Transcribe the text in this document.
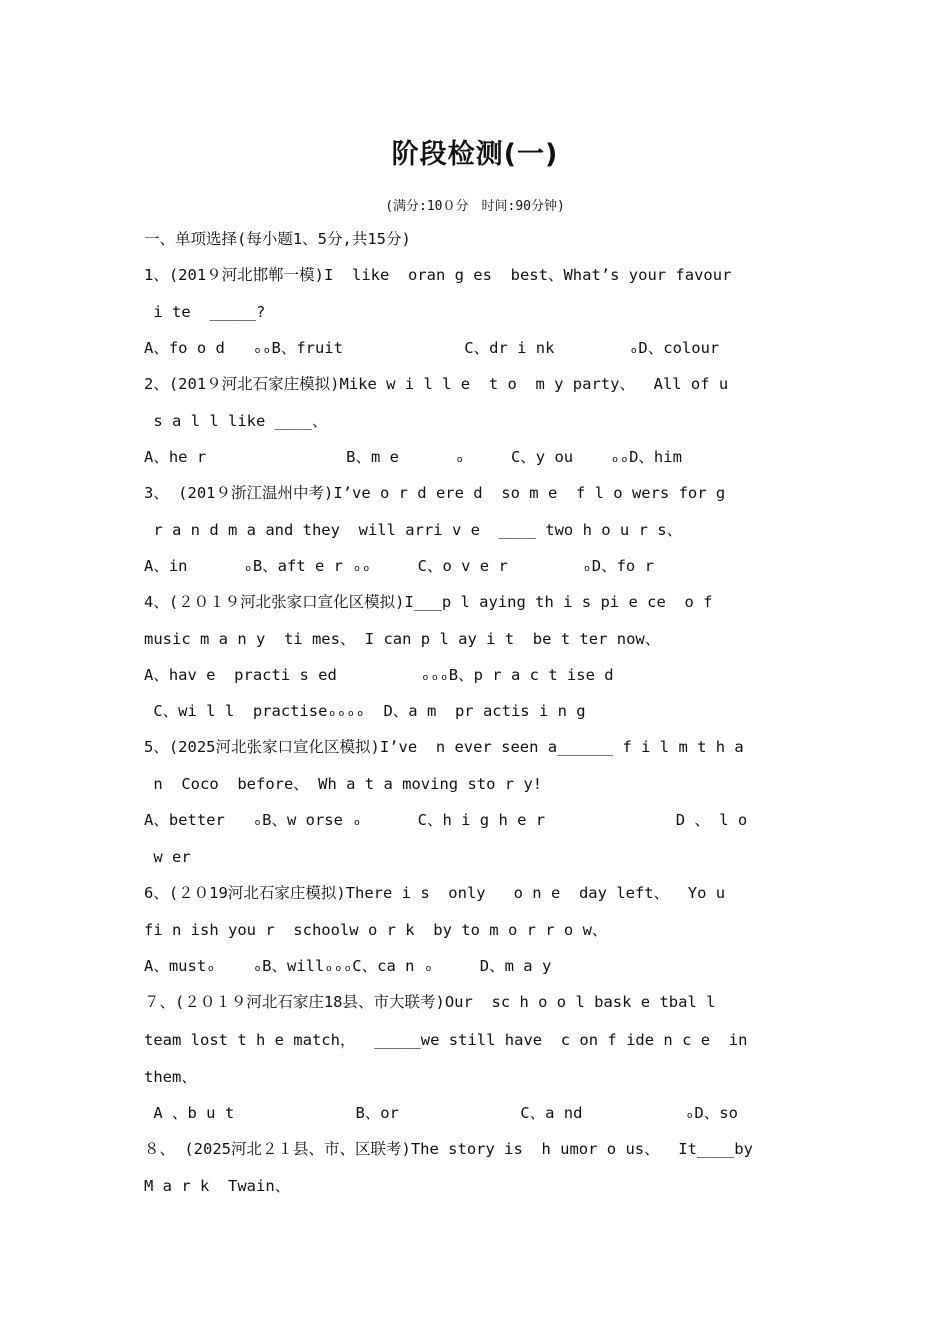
阶段检测(一)
(满分:10０分　时间:90分钟)
一、单项选择(每小题1、5分,共15分)
1、(201９河北邯郸一模)I  like  oran g es  best、What’s your favour
i te  _____?
A、fo o d   ₒₒB、fruit             C、dr i nk        ₒD、colour
2、(201９河北石家庄模拟)Mike w i l l e  t o  m y party、  All of u
s a l l like ____、
A、he r               B、m e      ₒ     C、y ou    ₒₒD、him
3、 (201９浙江温州中考)I’ve o r d ere d  so m e  f l o wers for g
r a n d m a and they  will arri v e  ____ two h o u r s、
A、in      ₒB、aft e r ₒₒ     C、o v e r        ₒD、fo r
4、(２０１９河北张家口宣化区模拟)I___p l aying th i s pi e ce  o f
music m a n y  ti mes、 I can p l ay i t  be t ter now、
A、hav e  practi s ed         ₒₒₒB、p r a c t ise d
C、wi l l  practiseₒₒₒₒ  D、a m  pr actis i n g
5、(2025河北张家口宣化区模拟)I’ve  n ever seen a______ f i l m t h a
n  Coco  before、 Wh a t a moving sto r y!
A、better   ₒB、w orse ₒ      C、h i g h e r              D 、 l o
w er
6、(２０19河北石家庄模拟)There i s  only   o n e  day left、  Yo u
fi n ish you r  schoolw o r k  by to m o r r o w、
A、mustₒ    ₒB、willₒₒₒC、ca n ₒ     D、m a y
７、(２０１９河北石家庄18县、市大联考)Our  sc h o o l bask e tbal l
team lost t h e match，  _____we still have  c on f ide n c e  in
them、
A 、b u t             B、or             C、a nd           ₒD、so
８、 (2025河北２１县、市、区联考)The story is  h umor o us、  It____by
M a r k  Twain、
